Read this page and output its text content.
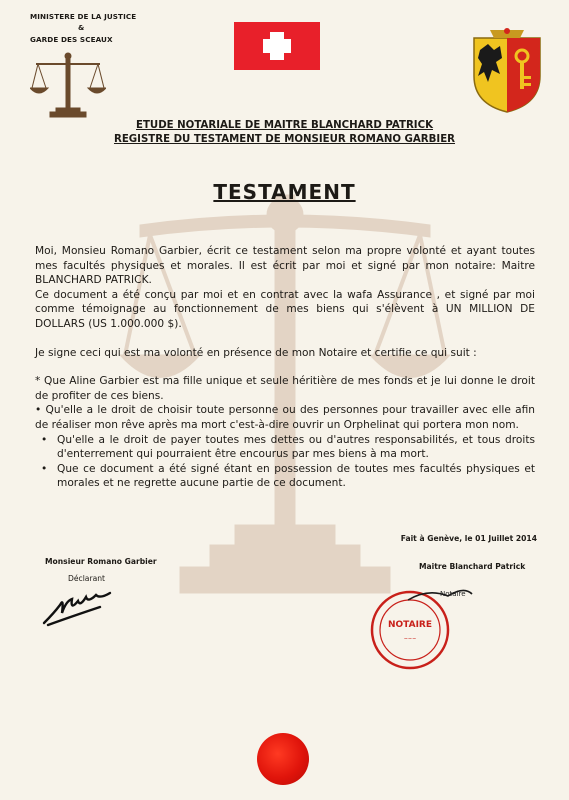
MINISTERE DE LA JUSTICE
&
GARDE DES SCEAUX
ETUDE NOTARIALE DE MAITRE BLANCHARD PATRICK
REGISTRE DU TESTAMENT DE MONSIEUR ROMANO GARBIER
TESTAMENT

Moi, Monsieu Romano Garbier, écrit ce testament selon ma propre volonté et ayant toutes mes facultés physiques et morales. Il est écrit par moi et signé par mon notaire: Maitre BLANCHARD PATRICK.

Ce document a été conçu par moi et en contrat avec la wafa Assurance , et signé par moi comme témoignage au fonctionnement de mes biens qui s'élèvent à UN MILLION DE DOLLARS (US 1.000.000 $).

Je signe ceci qui est ma volonté en présence de mon Notaire et certifie ce qui suit :

* Que Aline Garbier est ma fille unique et seule héritière de mes fonds et je lui donne le droit de profiter de ces biens.
• Qu'elle a le droit de choisir toute personne ou des personnes pour travailler avec elle afin de réaliser mon rêve après ma mort c'est-à-dire ouvrir un Orphelinat qui portera mon nom.
• Qu'elle a le droit de payer toutes mes dettes ou d'autres responsabilités, et tous droits d'enterrement qui pourraient être encourus par mes biens à ma mort.
• Que ce document a été signé étant en possession de toutes mes facultés physiques et morales et ne regrette aucune partie de ce document.
Fait à Genève, le 01 Juillet 2014
Monsieur Romano Garbier
Déclarant
Maitre Blanchard Patrick
NOTAIRE
~~~
Notaire
